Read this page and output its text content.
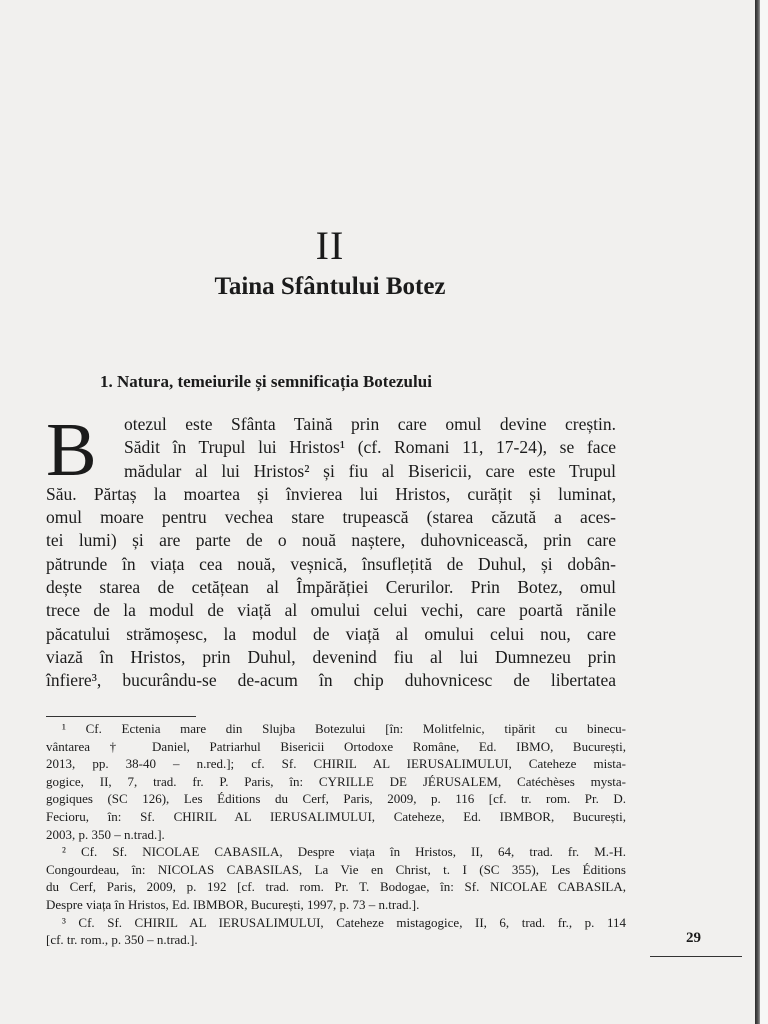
II
Taina Sfântului Botez
1. Natura, temeiurile și semnificația Botezului
B	otezul este Sfânta Taină prin care omul devine creștin.
Sădit în Trupul lui Hristos¹ (cf. Romani 11, 17-24), se face
mădular al lui Hristos² și fiu al Bisericii, care este Trupul
Său. Părtaș la moartea și învierea lui Hristos, curățit și luminat,
omul moare pentru vechea stare trupească (starea căzută a aces-
tei lumi) și are parte de o nouă naștere, duhovnicească, prin care
pătrunde în viața cea nouă, veșnică, însuflețită de Duhul, și dobân-
dește starea de cetățean al Împărăției Cerurilor. Prin Botez, omul
trece de la modul de viață al omului celui vechi, care poartă rănile
păcatului strămoșesc, la modul de viață al omului celui nou, care
viază în Hristos, prin Duhul, devenind fiu al lui Dumnezeu prin
înfiere³, bucurându-se de-acum în chip duhovnicesc de libertatea
¹ Cf. Ectenia mare din Slujba Botezului [în: Molitfelnic, tipărit cu binecu-
vântarea † Daniel, Patriarhul Bisericii Ortodoxe Române, Ed. IBMO, București,
2013, pp. 38-40 – n.red.]; cf. Sf. CHIRIL AL IERUSALIMULUI, Cateheze mista-
gogice, II, 7, trad. fr. P. Paris, în: CYRILLE DE JÉRUSALEM, Catéchèses mysta-
gogiques (SC 126), Les Éditions du Cerf, Paris, 2009, p. 116 [cf. tr. rom. Pr. D.
Fecioru, în: Sf. CHIRIL AL IERUSALIMULUI, Cateheze, Ed. IBMBOR, București,
2003, p. 350 – n.trad.].
² Cf. Sf. NICOLAE CABASILA, Despre viața în Hristos, II, 64, trad. fr. M.-H.
Congourdeau, în: NICOLAS CABASILAS, La Vie en Christ, t. I (SC 355), Les Éditions
du Cerf, Paris, 2009, p. 192 [cf. trad. rom. Pr. T. Bodogae, în: Sf. NICOLAE CABASILA,
Despre viața în Hristos, Ed. IBMBOR, București, 1997, p. 73 – n.trad.].
³ Cf. Sf. CHIRIL AL IERUSALIMULUI, Cateheze mistagogice, II, 6, trad. fr., p. 114
[cf. tr. rom., p. 350 – n.trad.].	29
